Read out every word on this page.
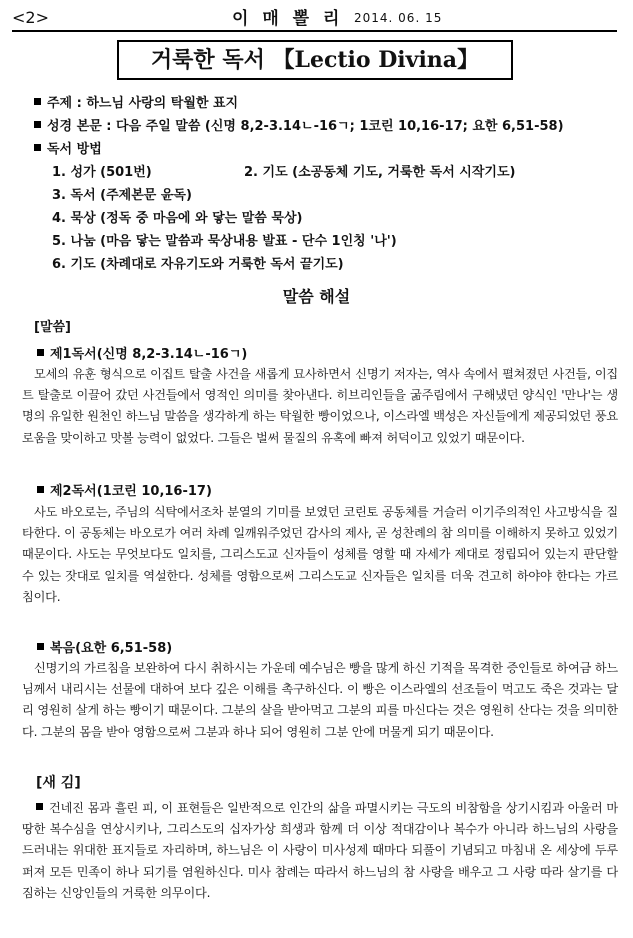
<2>	이 매 뽈 리 2014. 06. 15
거룩한 독서 【Lectio Divina】
주제 : 하느님 사랑의 탁월한 표지
성경 본문 : 다음 주일 말씀 (신명 8,2-3.14ㄴ-16ㄱ; 1코린 10,16-17; 요한 6,51-58)
독서 방법
1. 성가 (501번)	2. 기도 (소공동체 기도, 거룩한 독서 시작기도)
3. 독서 (주제본문 윤독)
4. 묵상 (정독 중 마음에 와 닿는 말씀 묵상)
5. 나눔 (마음 닿는 말씀과 묵상내용 발표 - 단수 1인칭 '나')
6. 기도 (차례대로 자유기도와 거룩한 독서 끝기도)
말씀 해설
[말씀]
제1독서(신명 8,2-3.14ㄴ-16ㄱ)
모세의 유훈 형식으로 이집트 탈출 사건을 새롭게 묘사하면서 신명기 저자는, 역사 속에서 펼쳐졌던 사건들, 이집트 탈출로 이끌어 갔던 사건들에서 영적인 의미를 찾아낸다. 히브리인들을 굶주림에서 구해냈던 양식인 '만나'는 생명의 유일한 원천인 하느님 말씀을 생각하게 하는 탁월한 빵이었으나, 이스라엘 백성은 자신들에게 제공되었던 풍요로움을 맞이하고 맛볼 능력이 없었다. 그들은 벌써 물질의 유혹에 빠져 허덕이고 있었기 때문이다.
제2독서(1코린 10,16-17)
사도 바오로는, 주님의 식탁에서조차 분열의 기미를 보였던 코린토 공동체를 거슬러 이기주의적인 사고방식을 질타한다. 이 공동체는 바오로가 여러 차례 일깨워주었던 감사의 제사, 곧 성찬례의 참 의미를 이해하지 못하고 있었기 때문이다. 사도는 무엇보다도 일치를, 그리스도교 신자들이 성체를 영할 때 자세가 제대로 정립되어 있는지 판단할 수 있는 잣대로 일치를 역설한다. 성체를 영함으로써 그리스도교 신자들은 일치를 더욱 견고히 하야야 한다는 가르침이다.
복음(요한 6,51-58)
신명기의 가르침을 보완하여 다시 취하시는 가운데 예수님은 빵을 많게 하신 기적을 목격한 증인들로 하여금 하느님께서 내리시는 선물에 대하여 보다 깊은 이해를 촉구하신다. 이 빵은 이스라엘의 선조들이 먹고도 죽은 것과는 달리 영원히 살게 하는 빵이기 때문이다. 그분의 살을 받아먹고 그분의 피를 마신다는 것은 영원히 산다는 것을 의미한다. 그분의 몸을 받아 영함으로써 그분과 하나 되어 영원히 그분 안에 머물게 되기 때문이다.
[새 김]
건네진 몸과 흘린 피, 이 표현들은 일반적으로 인간의 삶을 파멸시키는 극도의 비참함을 상기시킴과 아울러 마땅한 복수심을 연상시키나, 그리스도의 십자가상 희생과 함께 더 이상 적대감이나 복수가 아니라 하느님의 사랑을 드러내는 위대한 표지들로 자리하며, 하느님은 이 사랑이 미사성제 때마다 되풀이 기념되고 마침내 온 세상에 두루 퍼져 모든 민족이 하나 되기를 염원하신다. 미사 참례는 따라서 하느님의 참 사랑을 배우고 그 사랑 따라 살기를 다짐하는 신앙인들의 거룩한 의무이다.
